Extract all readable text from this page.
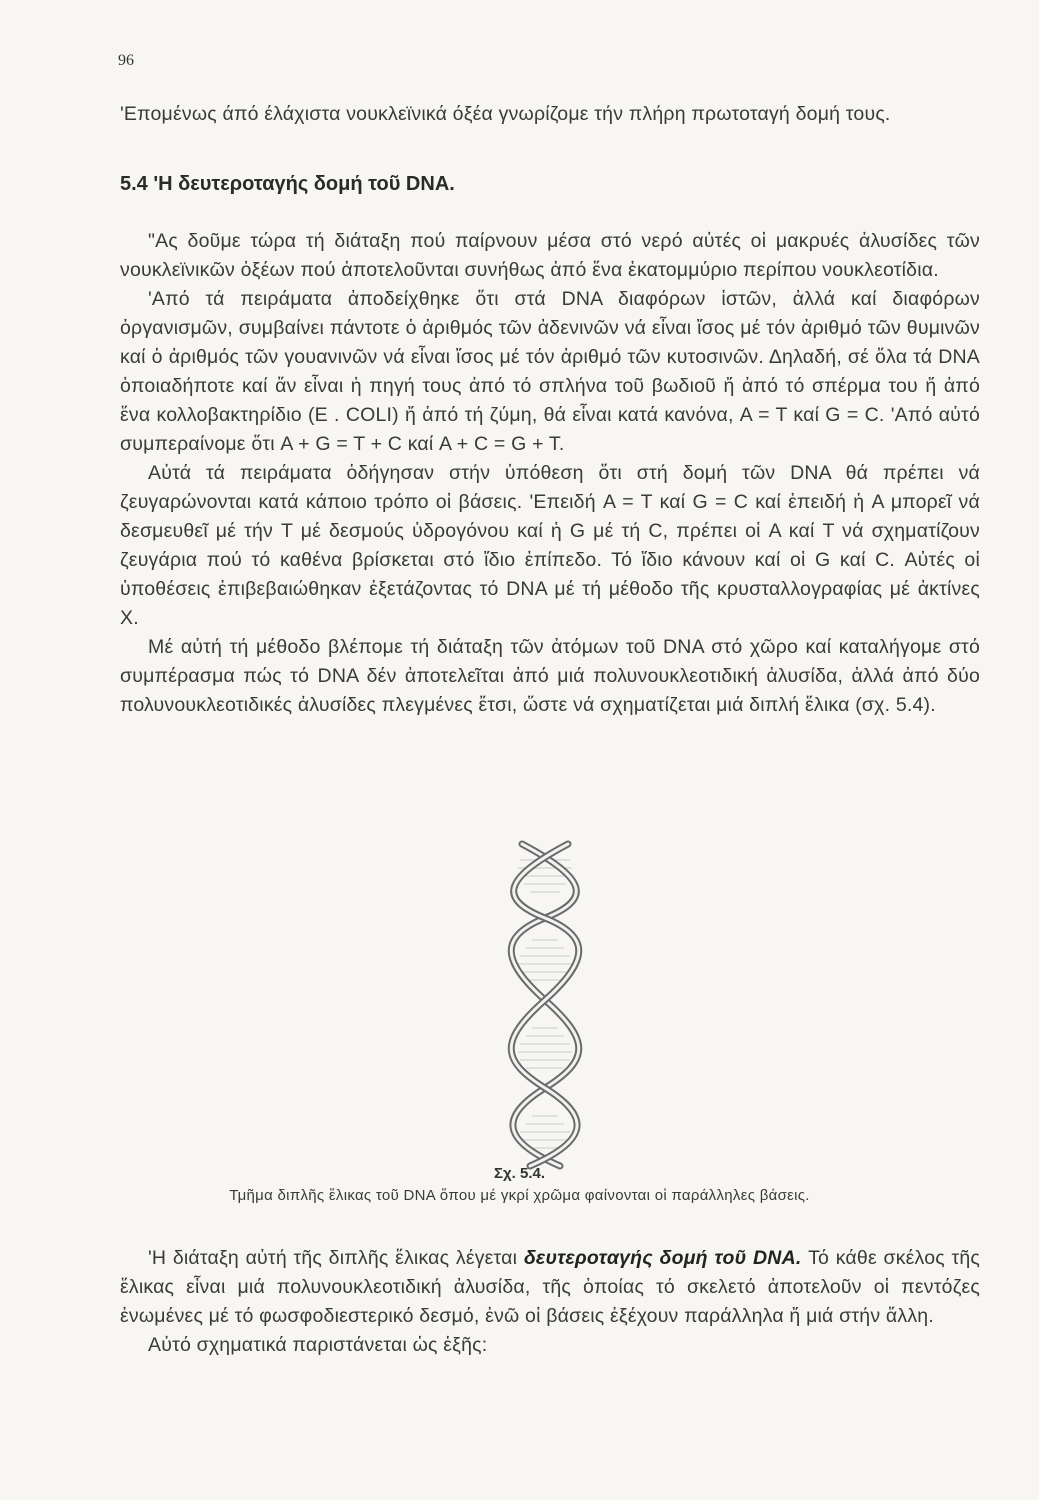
96

'Επομένως άπό έλάχιστα νουκλεϊνικά όξέα γνωρίζομε τήν πλήρη πρωτοταγή δομή τους.

5.4 'Η δευτεροταγής δομή τοῦ DNA.

"Ας δοῦμε τώρα τή διάταξη πού παίρνουν μέσα στό νερό αὐτές οἱ μακρυές ἀλυσίδες τῶν νουκλεϊνικῶν ὀξέων πού ἀποτελοῦνται συνήθως ἀπό ἕνα ἑκατομμύριο περίπου νουκλεοτίδια.

'Από τά πειράματα ἀποδείχθηκε ὅτι στά DNA διαφόρων ἱστῶν, ἀλλά καί διαφόρων ὀργανισμῶν, συμβαίνει πάντοτε ὁ ἀριθμός τῶν ἀδενινῶν νά εἶναι ἴσος μέ τόν ἀριθμό τῶν θυμινῶν καί ὁ ἀριθμός τῶν γουανινῶν νά εἶναι ἴσος μέ τόν ἀριθμό τῶν κυτοσινῶν. Δηλαδή, σέ ὅλα τά DNA ὁποιαδήποτε καί ἄν εἶναι ἡ πηγή τους ἀπό τό σπλήνα τοῦ βωδιοῦ ἤ ἀπό τό σπέρμα του ἤ ἀπό ἕνα κολλοβακτηρίδιο (E . COLI) ἤ ἀπό τή ζύμη, θά εἶναι κατά κανόνα, A = T καί G = C. 'Από αὐτό συμπεραίνομε ὅτι A + G = T + C καί A + C = G + T.

Αὐτά τά πειράματα ὁδήγησαν στήν ὑπόθεση ὅτι στή δομή τῶν DNA θά πρέπει νά ζευγαρώνονται κατά κάποιο τρόπο οἱ βάσεις. 'Επειδή A = T καί G = C καί ἐπειδή ἡ A μπορεῖ νά δεσμευθεῖ μέ τήν T μέ δεσμούς ὑδρογόνου καί ἡ G μέ τή C, πρέπει οἱ A καί T νά σχηματίζουν ζευγάρια πού τό καθένα βρίσκεται στό ἴδιο ἐπίπεδο. Τό ἴδιο κάνουν καί οἱ G καί C. Αὐτές οἱ ὑποθέσεις ἐπιβεβαιώθηκαν ἐξετάζοντας τό DNA μέ τή μέθοδο τῆς κρυσταλλογραφίας μέ ἀκτίνες X.

Μέ αὐτή τή μέθοδο βλέπομε τή διάταξη τῶν ἀτόμων τοῦ DNA στό χῶρο καί καταλήγομε στό συμπέρασμα πώς τό DNA δέν ἀποτελεῖται ἀπό μιά πολυνουκλεοτιδική ἀλυσίδα, ἀλλά ἀπό δύο πολυνουκλεοτιδικές ἀλυσίδες πλεγμένες ἔτσι, ὥστε νά σχηματίζεται μιά διπλή ἕλικα (σχ. 5.4).

Σχ. 5.4.
Τμῆμα διπλῆς ἕλικας τοῦ DNA ὅπου μέ γκρί χρῶμα φαίνονται οἱ παράλληλες βάσεις.

'Η διάταξη αὐτή τῆς διπλῆς ἕλικας λέγεται δευτεροταγής δομή τοῦ DNA. Τό κάθε σκέλος τῆς ἕλικας εἶναι μιά πολυνουκλεοτιδική ἀλυσίδα, τῆς ὁποίας τό σκελετό ἀποτελοῦν οἱ πεντόζες ἑνωμένες μέ τό φωσφοδιεστερικό δεσμό, ἐνῶ οἱ βάσεις ἐξέχουν παράλληλα ἤ μιά στήν ἄλλη.

Αὐτό σχηματικά παριστάνεται ὡς ἑξῆς:
